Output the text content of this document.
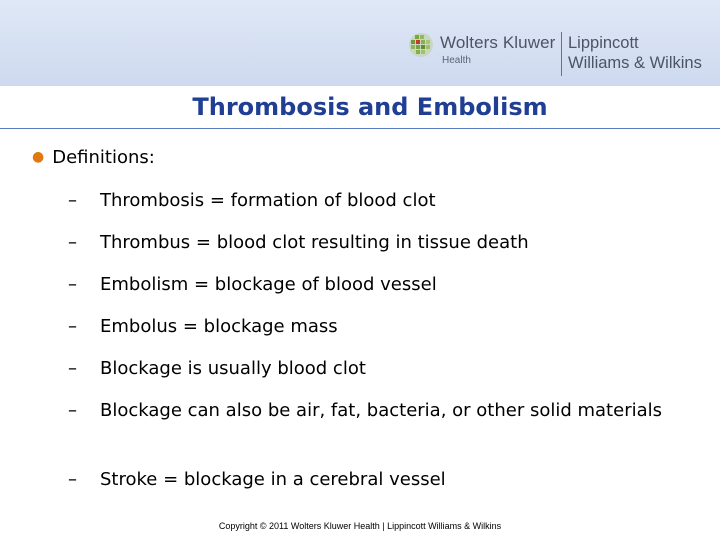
Wolters Kluwer
Health
Lippincott
Williams & Wilkins
Thrombosis and Embolism
● Definitions:
– Thrombosis = formation of blood clot
– Thrombus = blood clot resulting in tissue death
– Embolism = blockage of blood vessel
– Embolus = blockage mass
– Blockage is usually blood clot
– Blockage can also be air, fat, bacteria, or other solid materials
– Stroke = blockage in a cerebral vessel
Copyright © 2011 Wolters Kluwer Health | Lippincott Williams & Wilkins
